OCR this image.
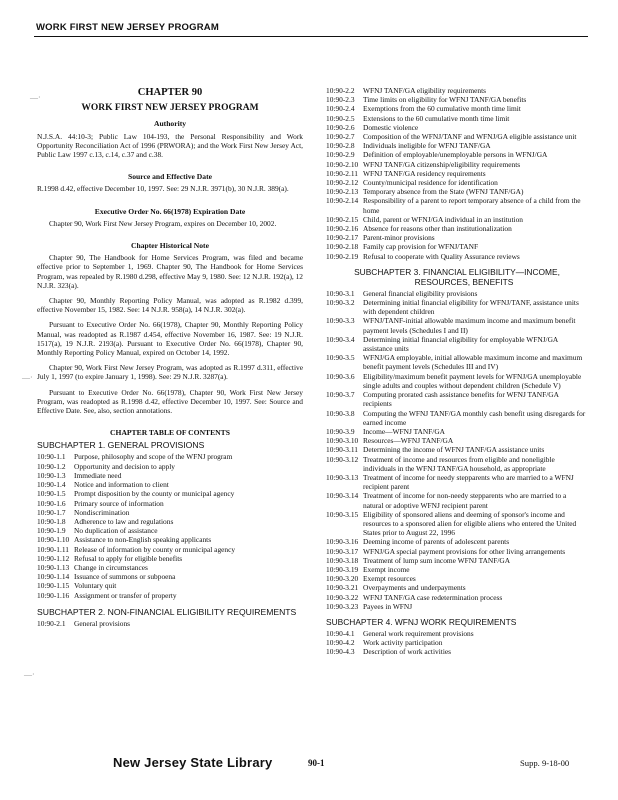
WORK FIRST NEW JERSEY PROGRAM
—·
—·
—·
CHAPTER 90
WORK FIRST NEW JERSEY PROGRAM
Authority
N.J.S.A. 44:10-3; Public Law 104-193, the Personal Responsibility and Work Opportunity Reconciliation Act of 1996 (PRWORA); and the Work First New Jersey Act, Public Law 1997 c.13, c.14, c.37 and c.38.
Source and Effective Date
R.1998 d.42, effective December 10, 1997. See: 29 N.J.R. 3971(b), 30 N.J.R. 389(a).
Executive Order No. 66(1978) Expiration Date
Chapter 90, Work First New Jersey Program, expires on December 10, 2002.
Chapter Historical Note
Chapter 90, The Handbook for Home Services Program, was filed and became effective prior to September 1, 1969. Chapter 90, The Handbook for Home Services Program, was repealed by R.1980 d.298, effective May 9, 1980. See: 12 N.J.R. 192(a), 12 N.J.R. 323(a).
Chapter 90, Monthly Reporting Policy Manual, was adopted as R.1982 d.399, effective November 15, 1982. See: 14 N.J.R. 958(a), 14 N.J.R. 302(a).
Pursuant to Executive Order No. 66(1978), Chapter 90, Monthly Reporting Policy Manual, was readopted as R.1987 d.454, effective November 16, 1987. See: 19 N.J.R. 1517(a), 19 N.J.R. 2193(a). Pursuant to Executive Order No. 66(1978), Chapter 90, Monthly Reporting Policy Manual, expired on October 14, 1992.
Chapter 90, Work First New Jersey Program, was adopted as R.1997 d.311, effective July 1, 1997 (to expire January 1, 1998). See: 29 N.J.R. 3287(a).
Pursuant to Executive Order No. 66(1978), Chapter 90, Work First New Jersey Program, was readopted as R.1998 d.42, effective December 10, 1997. See: Source and Effective Date. See, also, section annotations.
CHAPTER TABLE OF CONTENTS
SUBCHAPTER 1. GENERAL PROVISIONS
10:90-1.1	Purpose, philosophy and scope of the WFNJ program
10:90-1.2	Opportunity and decision to apply
10:90-1.3	Immediate need
10:90-1.4	Notice and information to client
10:90-1.5	Prompt disposition by the county or municipal agency
10:90-1.6	Primary source of information
10:90-1.7	Nondiscrimination
10:90-1.8	Adherence to law and regulations
10:90-1.9	No duplication of assistance
10:90-1.10 Assistance to non-English speaking applicants
10:90-1.11 Release of information by county or municipal agency
10:90-1.12 Refusal to apply for eligible benefits
10:90-1.13 Change in circumstances
10:90-1.14 Issuance of summons or subpoena
10:90-1.15 Voluntary quit
10:90-1.16 Assignment or transfer of property
SUBCHAPTER 2. NON-FINANCIAL ELIGIBILITY REQUIREMENTS
10:90-2.1	General provisions
10:90-2.2	WFNJ TANF/GA eligibility requirements
10:90-2.3	Time limits on eligibility for WFNJ TANF/GA benefits
10:90-2.4	Exemptions from the 60 cumulative month time limit
10:90-2.5	Extensions to the 60 cumulative month time limit
10:90-2.6	Domestic violence
10:90-2.7	Composition of the WFNJ/TANF and WFNJ/GA eligible assistance unit
10:90-2.8	Individuals ineligible for WFNJ TANF/GA
10:90-2.9	Definition of employable/unemployable persons in WFNJ/GA
10:90-2.10 WFNJ TANF/GA citizenship/eligibility requirements
10:90-2.11 WFNJ TANF/GA residency requirements
10:90-2.12 County/municipal residence for identification
10:90-2.13 Temporary absence from the State (WFNJ TANF/GA)
10:90-2.14 Responsibility of a parent to report temporary absence of a child from the home
10:90-2.15 Child, parent or WFNJ/GA individual in an institution
10:90-2.16 Absence for reasons other than institutionalization
10:90-2.17 Parent-minor provisions
10:90-2.18 Family cap provision for WFNJ/TANF
10:90-2.19 Refusal to cooperate with Quality Assurance reviews
SUBCHAPTER 3. FINANCIAL ELIGIBILITY—INCOME, RESOURCES, BENEFITS
10:90-3.1	General financial eligibility provisions
10:90-3.2	Determining initial financial eligibility for WFNJ/TANF, assistance units with dependent children
10:90-3.3	WFNJ/TANF-initial allowable maximum income and maximum benefit payment levels (Schedules I and II)
10:90-3.4	Determining initial financial eligibility for employable WFNJ/GA assistance units
10:90-3.5	WFNJ/GA employable, initial allowable maximum income and maximum benefit payment levels (Schedules III and IV)
10:90-3.6	Eligibility/maximum benefit payment levels for WFNJ/GA unemployable single adults and couples without dependent children (Schedule V)
10:90-3.7	Computing prorated cash assistance benefits for WFNJ TANF/GA recipients
10:90-3.8	Computing the WFNJ TANF/GA monthly cash benefit using disregards for earned income
10:90-3.9	Income—WFNJ TANF/GA
10:90-3.10 Resources—WFNJ TANF/GA
10:90-3.11 Determining the income of WFNJ TANF/GA assistance units
10:90-3.12 Treatment of income and resources from eligible and noneligible individuals in the WFNJ TANF/GA household, as appropriate
10:90-3.13 Treatment of income for needy stepparents who are married to a WFNJ recipient parent
10:90-3.14 Treatment of income for non-needy stepparents who are married to a natural or adoptive WFNJ recipient parent
10:90-3.15 Eligibility of sponsored aliens and deeming of sponsor's income and resources to a sponsored alien for eligible aliens who entered the United States prior to August 22, 1996
10:90-3.16 Deeming income of parents of adolescent parents
10:90-3.17 WFNJ/GA special payment provisions for other living arrangements
10:90-3.18 Treatment of lump sum income WFNJ TANF/GA
10:90-3.19 Exempt income
10:90-3.20 Exempt resources
10:90-3.21 Overpayments and underpayments
10:90-3.22 WFNJ TANF/GA case redetermination process
10:90-3.23 Payees in WFNJ
SUBCHAPTER 4. WFNJ WORK REQUIREMENTS
10:90-4.1	General work requirement provisions
10:90-4.2	Work activity participation
10:90-4.3	Description of work activities
New Jersey State Library	90-1	Supp. 9-18-00
